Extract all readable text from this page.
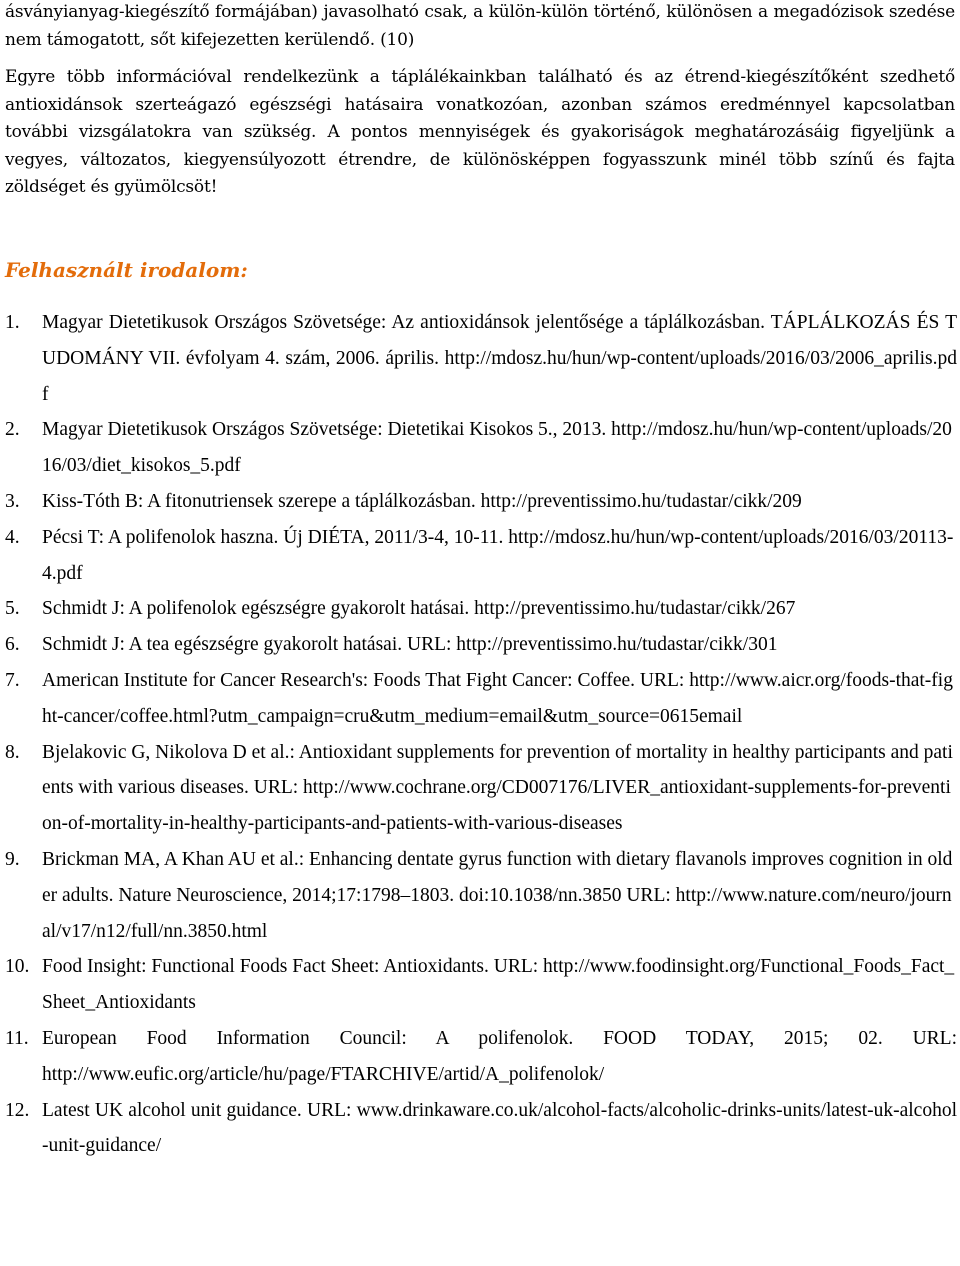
ásványianyag-kiegészítő formájában) javasolható csak, a külön-külön történő, különösen a megadózisok szedése nem támogatott, sőt kifejezetten kerülendő. (10)

Egyre több információval rendelkezünk a táplálékainkban található és az étrend-kiegészítőként szedhető antioxidánsok szerteágazó egészségi hatásaira vonatkozóan, azonban számos eredménnyel kapcsolatban további vizsgálatokra van szükség. A pontos mennyiségek és gyakoriságok meghatározásáig figyeljünk a vegyes, változatos, kiegyensúlyozott étrendre, de különösképpen fogyasszunk minél több színű és fajta zöldséget és gyümölcsöt!

Felhasznált irodalom:
1. Magyar Dietetikusok Országos Szövetsége: Az antioxidánsok jelentősége a táplálkozásban. TÁPLÁLKOZÁS ÉS TUDOMÁNY VII. évfolyam 4. szám, 2006. április. http://mdosz.hu/hun/wp-content/uploads/2016/03/2006_aprilis.pdf
2. Magyar Dietetikusok Országos Szövetsége: Dietetikai Kisokos 5., 2013. http://mdosz.hu/hun/wp-content/uploads/2016/03/diet_kisokos_5.pdf
3. Kiss-Tóth B: A fitonutriensek szerepe a táplálkozásban. http://preventissimo.hu/tudastar/cikk/209
4. Pécsi T: A polifenolok haszna. Új DIÉTA, 2011/3-4, 10-11. http://mdosz.hu/hun/wp-content/uploads/2016/03/20113-4.pdf
5. Schmidt J: A polifenolok egészségre gyakorolt hatásai. http://preventissimo.hu/tudastar/cikk/267
6. Schmidt J: A tea egészségre gyakorolt hatásai. URL: http://preventissimo.hu/tudastar/cikk/301
7. American Institute for Cancer Research's: Foods That Fight Cancer: Coffee. URL: http://www.aicr.org/foods-that-fight-cancer/coffee.html?utm_campaign=cru&utm_medium=email&utm_source=0615email
8. Bjelakovic G, Nikolova D et al.: Antioxidant supplements for prevention of mortality in healthy participants and patients with various diseases. URL: http://www.cochrane.org/CD007176/LIVER_antioxidant-supplements-for-prevention-of-mortality-in-healthy-participants-and-patients-with-various-diseases
9. Brickman MA, A Khan AU et al.: Enhancing dentate gyrus function with dietary flavanols improves cognition in older adults. Nature Neuroscience, 2014;17:1798–1803. doi:10.1038/nn.3850 URL: http://www.nature.com/neuro/journal/v17/n12/full/nn.3850.html
10. Food Insight: Functional Foods Fact Sheet: Antioxidants. URL: http://www.foodinsight.org/Functional_Foods_Fact_Sheet_Antioxidants
11. European Food Information Council: A polifenolok. FOOD TODAY, 2015; 02. URL: http://www.eufic.org/article/hu/page/FTARCHIVE/artid/A_polifenolok/
12. Latest UK alcohol unit guidance. URL: www.drinkaware.co.uk/alcohol-facts/alcoholic-drinks-units/latest-uk-alcohol-unit-guidance/
